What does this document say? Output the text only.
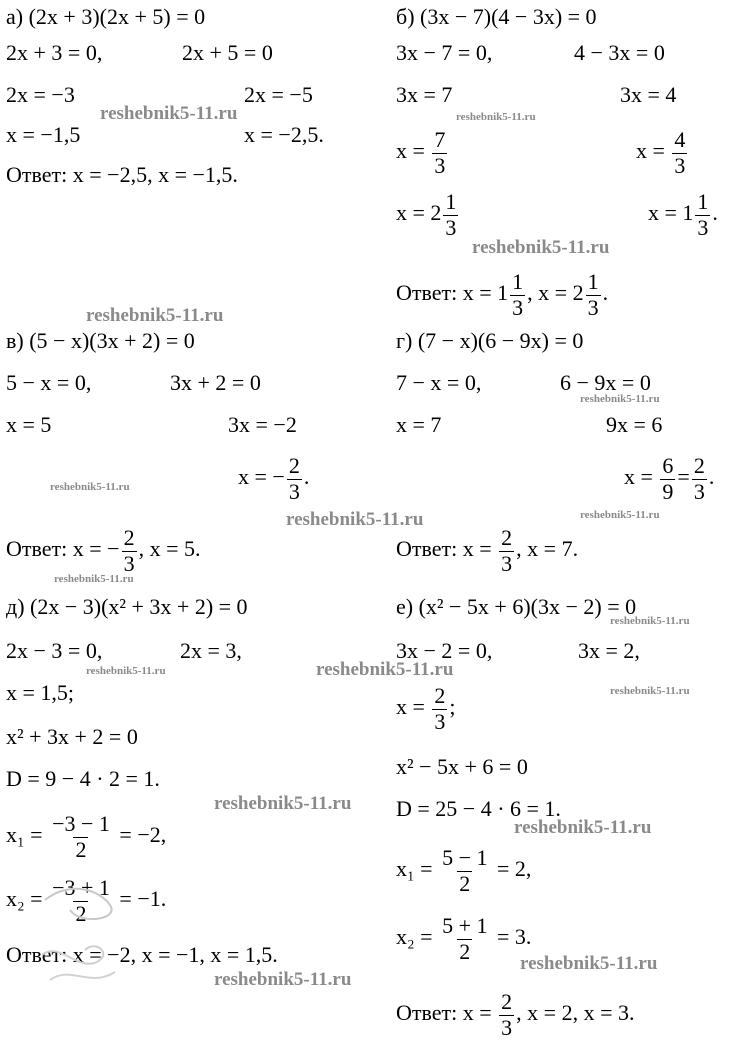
а) (2x + 3)(2x + 5) = 0
2x + 3 = 0,	2x + 5 = 0
2x = −3	2x = −5
x = −1,5	x = −2,5.
Ответ: x = −2,5, x = −1,5.
б) (3x − 7)(4 − 3x) = 0
3x − 7 = 0,	4 − 3x = 0
3x = 7	3x = 4
$x = \frac{7}{3}$	$x = \frac{4}{3}$
$x = 2 \frac{1}{3}$	$x = 1 \frac{1}{3}$ .
Ответ: $x = 1 \frac{1}{3}$ , $x = 2 \frac{1}{3}$ .
в) (5 − x)(3x + 2) = 0
5 − x = 0,	3x + 2 = 0
x = 5	3x = −2
x = − $\frac{2}{3}$ .
Ответ: x = − $\frac{2}{3}$ , x = 5.
г) (7 − x)(6 − 9x) = 0
7 − x = 0,	6 − 9x = 0
x = 7	9x = 6
$x = \frac{6}{9} = \frac{2}{3}$ .
Ответ: $x = \frac{2}{3}$ , x = 7.
д) (2x − 3)(x² + 3x + 2) = 0
2x − 3 = 0,	2x = 3,
x = 1,5;
x² + 3x + 2 = 0
D = 9 − 4 · 2 = 1.
$x_1 = \frac{-3 - 1}{2} = -2$,
$x_2 = \frac{-3 + 1}{2} = -1$.
Ответ: x = −2, x = −1, x = 1,5.
е) (x² − 5x + 6)(3x − 2) = 0
3x − 2 = 0,	3x = 2,
$x = \frac{2}{3}$ ;
x² − 5x + 6 = 0
D = 25 − 4 · 6 = 1.
$x_1 = \frac{5 - 1}{2} = 2$,
$x_2 = \frac{5 + 1}{2} = 3$.
Ответ: $x = \frac{2}{3}$ , x = 2, x = 3.
reshebnik5-11.ru	reshebnik5-11.ru
reshebnik5-11.ru
reshebnik5-11.ru
reshebnik5-11.ru
reshebnik5-11.ru
reshebnik5-11.ru
reshebnik5-11.ru
reshebnik5-11.ru
reshebnik5-11.ru
reshebnik5-11.ru	reshebnik5-11.ru
reshebnik5-11.ru
reshebnik5-11.ru
reshebnik5-11.ru
reshebnik5-11.ru
reshebnik5-11.ru
